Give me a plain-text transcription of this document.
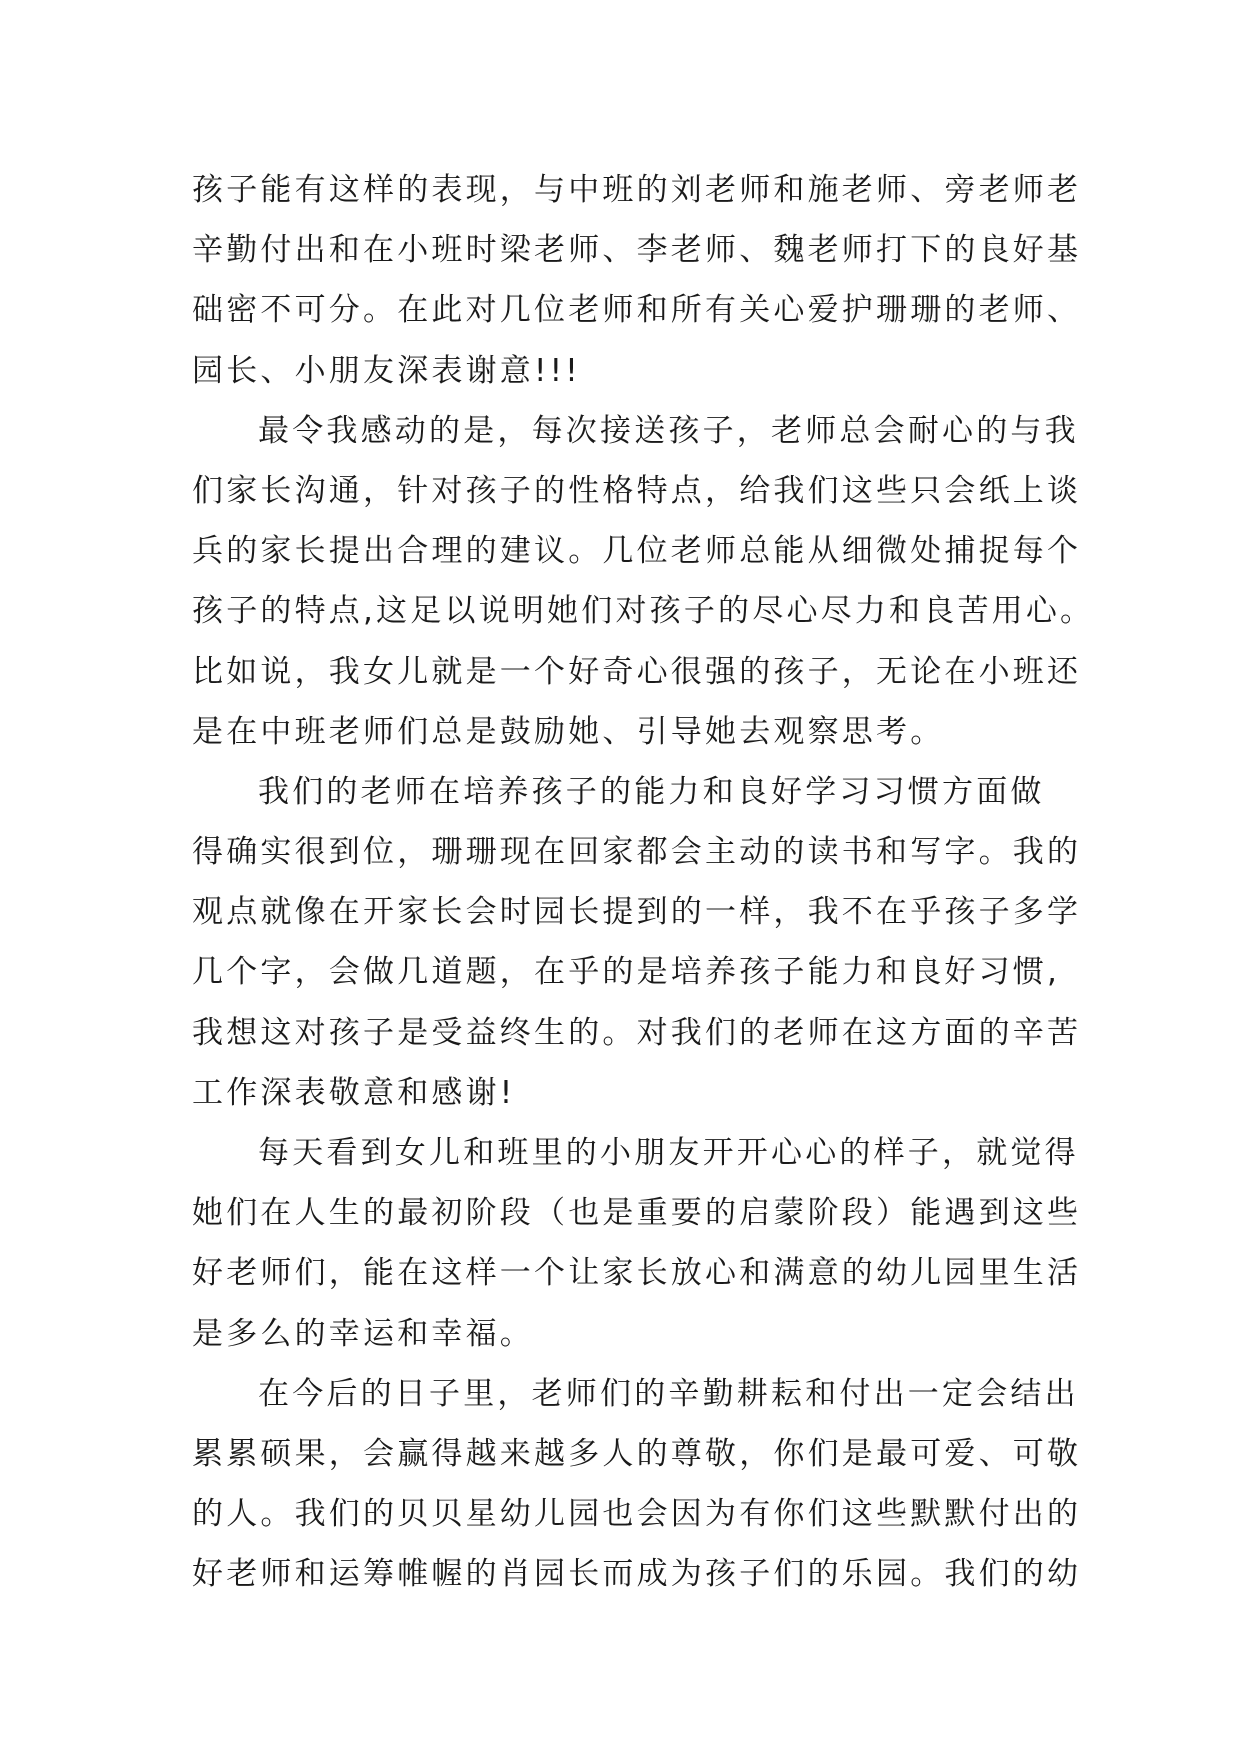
孩子能有这样的表现，与中班的刘老师和施老师、旁老师老
辛勤付出和在小班时梁老师、李老师、魏老师打下的良好基
础密不可分。在此对几位老师和所有关心爱护珊珊的老师、
园长、小朋友深表谢意!!!
最令我感动的是，每次接送孩子，老师总会耐心的与我
们家长沟通，针对孩子的性格特点，给我们这些只会纸上谈
兵的家长提出合理的建议。几位老师总能从细微处捕捉每个
孩子的特点,这足以说明她们对孩子的尽心尽力和良苦用心。
比如说，我女儿就是一个好奇心很强的孩子，无论在小班还
是在中班老师们总是鼓励她、引导她去观察思考。
我们的老师在培养孩子的能力和良好学习习惯方面做
得确实很到位，珊珊现在回家都会主动的读书和写字。我的
观点就像在开家长会时园长提到的一样，我不在乎孩子多学
几个字，会做几道题，在乎的是培养孩子能力和良好习惯,
我想这对孩子是受益终生的。对我们的老师在这方面的辛苦
工作深表敬意和感谢!
每天看到女儿和班里的小朋友开开心心的样子，就觉得
她们在人生的最初阶段（也是重要的启蒙阶段）能遇到这些
好老师们，能在这样一个让家长放心和满意的幼儿园里生活
是多么的幸运和幸福。
在今后的日子里，老师们的辛勤耕耘和付出一定会结出
累累硕果，会赢得越来越多人的尊敬，你们是最可爱、可敬
的人。我们的贝贝星幼儿园也会因为有你们这些默默付出的
好老师和运筹帷幄的肖园长而成为孩子们的乐园。我们的幼
